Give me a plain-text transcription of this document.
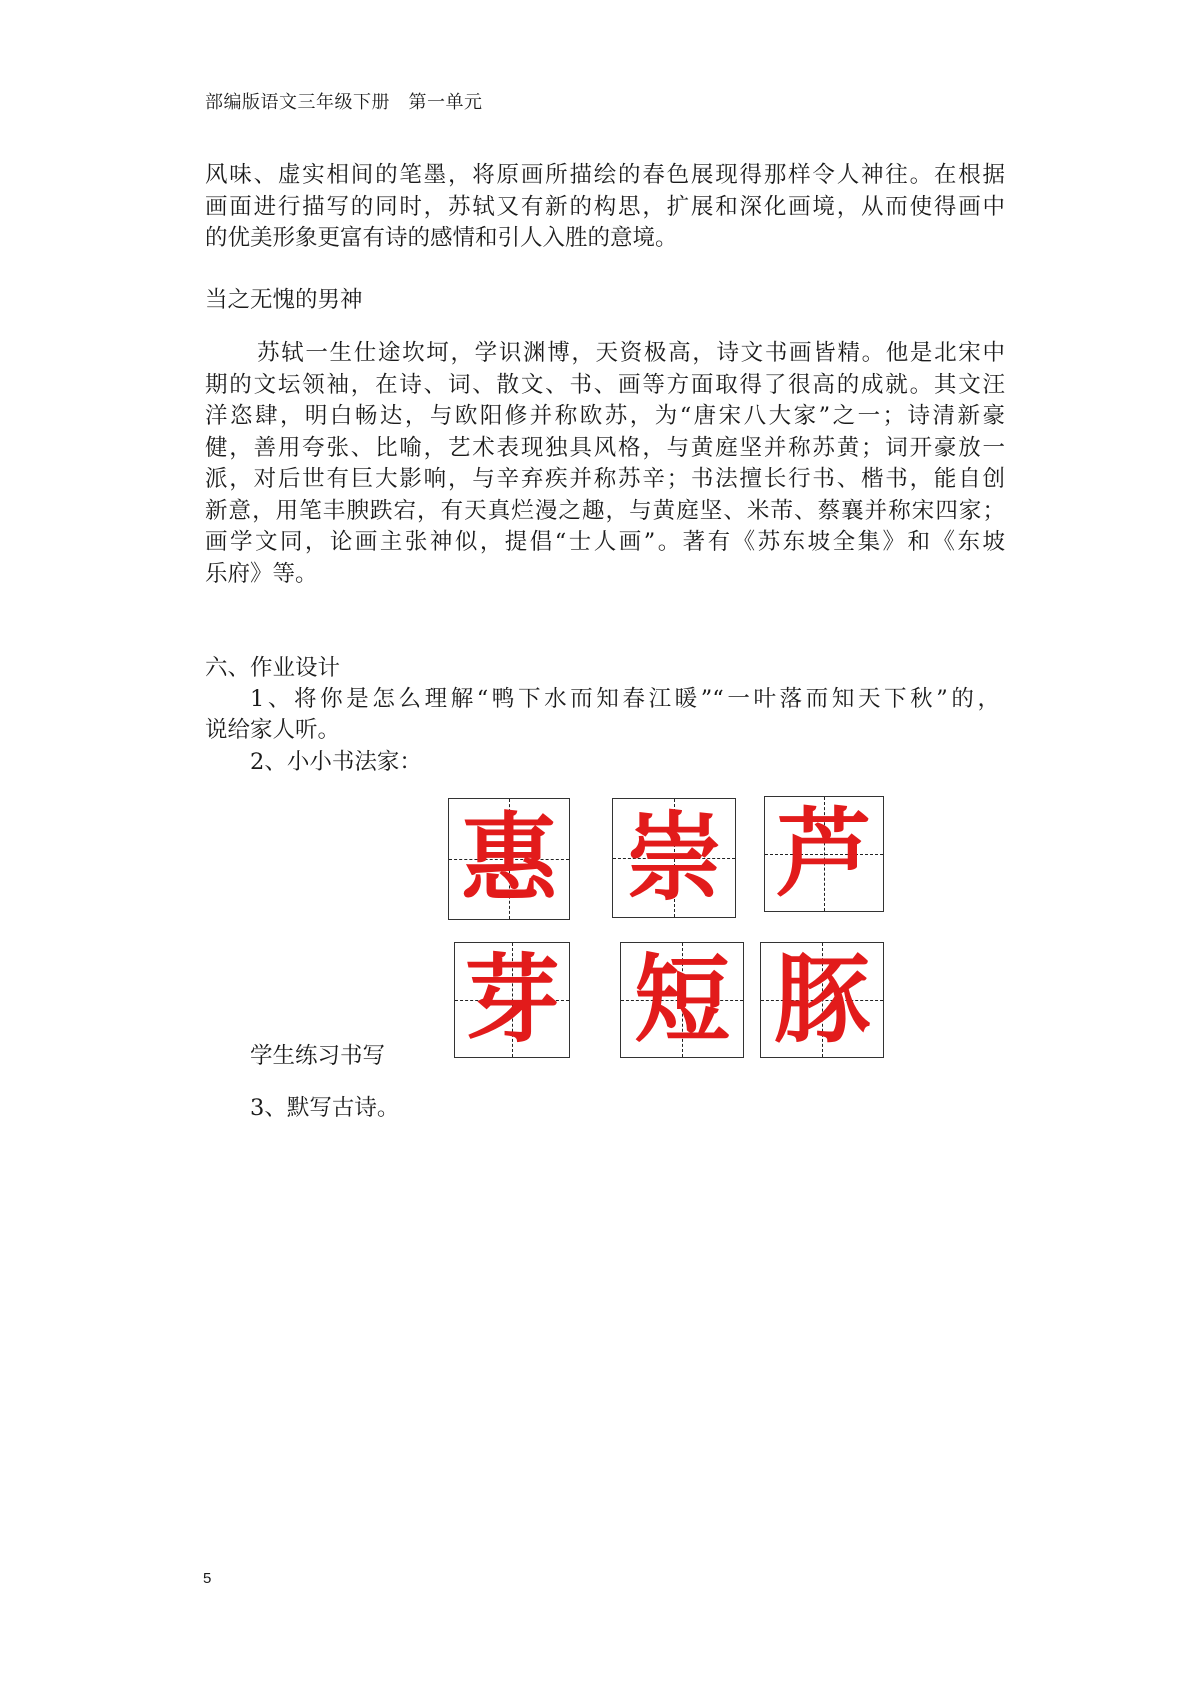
部编版语文三年级下册　第一单元

风味、虚实相间的笔墨，将原画所描绘的春色展现得那样令人神往。在根据
画面进行描写的同时，苏轼又有新的构思，扩展和深化画境，从而使得画中
的优美形象更富有诗的感情和引人入胜的意境。

当之无愧的男神

苏轼一生仕途坎坷，学识渊博，天资极高，诗文书画皆精。他是北宋中
期的文坛领袖，在诗、词、散文、书、画等方面取得了很高的成就。其文汪
洋恣肆，明白畅达，与欧阳修并称欧苏，为“唐宋八大家”之一；诗清新豪
健，善用夸张、比喻，艺术表现独具风格，与黄庭坚并称苏黄；词开豪放一
派，对后世有巨大影响，与辛弃疾并称苏辛；书法擅长行书、楷书，能自创
新意，用笔丰腴跌宕，有天真烂漫之趣，与黄庭坚、米芾、蔡襄并称宋四家；
画学文同，论画主张神似，提倡“士人画”。著有《苏东坡全集》和《东坡
乐府》等。

六、作业设计
1、将你是怎么理解“鸭下水而知春江暖”“一叶落而知天下秋”的，
说给家人听。
2、小小书法家：
惠 崇 芦
芽 短 豚
学生练习书写
3、默写古诗。
5
